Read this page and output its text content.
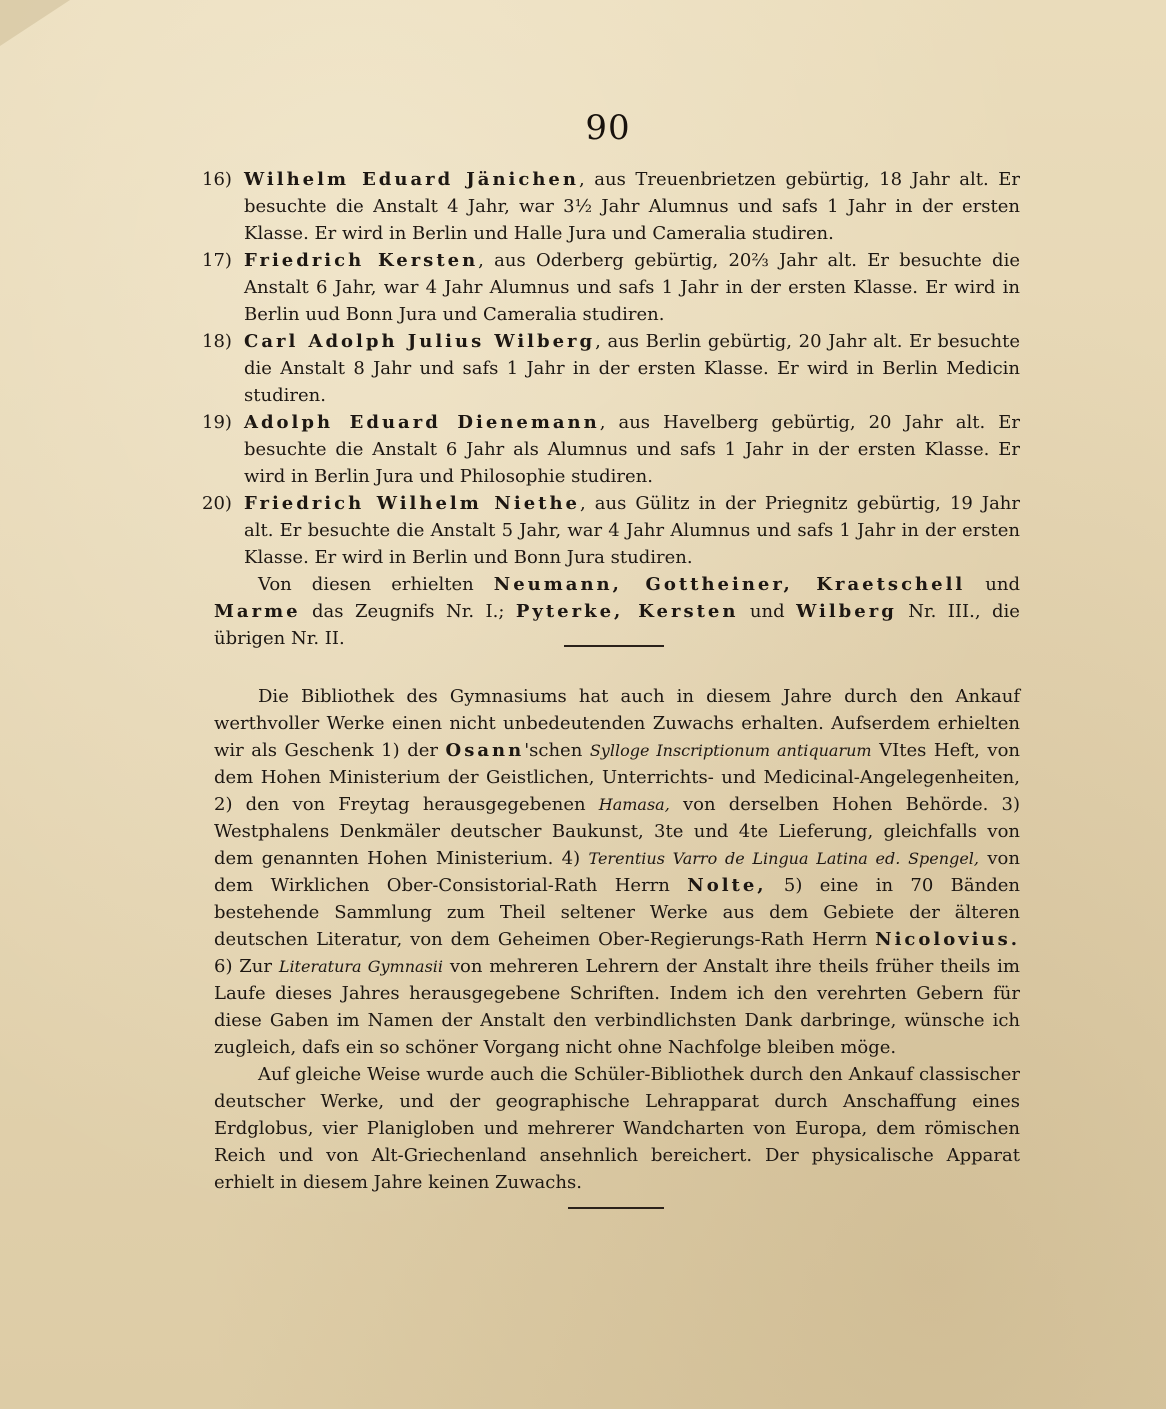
90
16) Wilhelm Eduard Jänichen, aus Treuenbrietzen gebürtig, 18 Jahr alt. Er besuchte die Anstalt 4 Jahr, war 3½ Jahr Alumnus und safs 1 Jahr in der ersten Klasse. Er wird in Berlin und Halle Jura und Cameralia studiren.
17) Friedrich Kersten, aus Oderberg gebürtig, 20⅔ Jahr alt. Er besuchte die Anstalt 6 Jahr, war 4 Jahr Alumnus und safs 1 Jahr in der ersten Klasse. Er wird in Berlin uud Bonn Jura und Cameralia studiren.
18) Carl Adolph Julius Wilberg, aus Berlin gebürtig, 20 Jahr alt. Er besuchte die Anstalt 8 Jahr und safs 1 Jahr in der ersten Klasse. Er wird in Berlin Medicin studiren.
19) Adolph Eduard Dienemann, aus Havelberg gebürtig, 20 Jahr alt. Er besuchte die Anstalt 6 Jahr als Alumnus und safs 1 Jahr in der ersten Klasse. Er wird in Berlin Jura und Philosophie studiren.
20) Friedrich Wilhelm Niethe, aus Gülitz in der Priegnitz gebürtig, 19 Jahr alt. Er besuchte die Anstalt 5 Jahr, war 4 Jahr Alumnus und safs 1 Jahr in der ersten Klasse. Er wird in Berlin und Bonn Jura studiren.

Von diesen erhielten Neumann, Gottheiner, Kraetschell und Marme das Zeugnifs Nr. I.; Pyterke, Kersten und Wilberg Nr. III., die übrigen Nr. II.

Die Bibliothek des Gymnasiums hat auch in diesem Jahre durch den Ankauf werthvoller Werke einen nicht unbedeutenden Zuwachs erhalten. Aufserdem erhielten wir als Geschenk 1) der Osann'schen Sylloge Inscriptionum antiquarum VItes Heft, von dem Hohen Ministerium der Geistlichen, Unterrichts- und Medicinal-Angelegenheiten, 2) den von Freytag herausgegebenen Hamasa, von derselben Hohen Behörde. 3) Westphalens Denkmäler deutscher Baukunst, 3te und 4te Lieferung, gleichfalls von dem genannten Hohen Ministerium. 4) Terentius Varro de Lingua Latina ed. Spengel, von dem Wirklichen Ober-Consistorial-Rath Herrn Nolte, 5) eine in 70 Bänden bestehende Sammlung zum Theil seltener Werke aus dem Gebiete der älteren deutschen Literatur, von dem Geheimen Ober-Regierungs-Rath Herrn Nicolovius. 6) Zur Literatura Gymnasii von mehreren Lehrern der Anstalt ihre theils früher theils im Laufe dieses Jahres herausgegebene Schriften. Indem ich den verehrten Gebern für diese Gaben im Namen der Anstalt den verbindlichsten Dank darbringe, wünsche ich zugleich, dafs ein so schöner Vorgang nicht ohne Nachfolge bleiben möge.

Auf gleiche Weise wurde auch die Schüler-Bibliothek durch den Ankauf classischer deutscher Werke, und der geographische Lehrapparat durch Anschaffung eines Erdglobus, vier Planigloben und mehrerer Wandcharten von Europa, dem römischen Reich und von Alt-Griechenland ansehnlich bereichert. Der physicalische Apparat erhielt in diesem Jahre keinen Zuwachs.
